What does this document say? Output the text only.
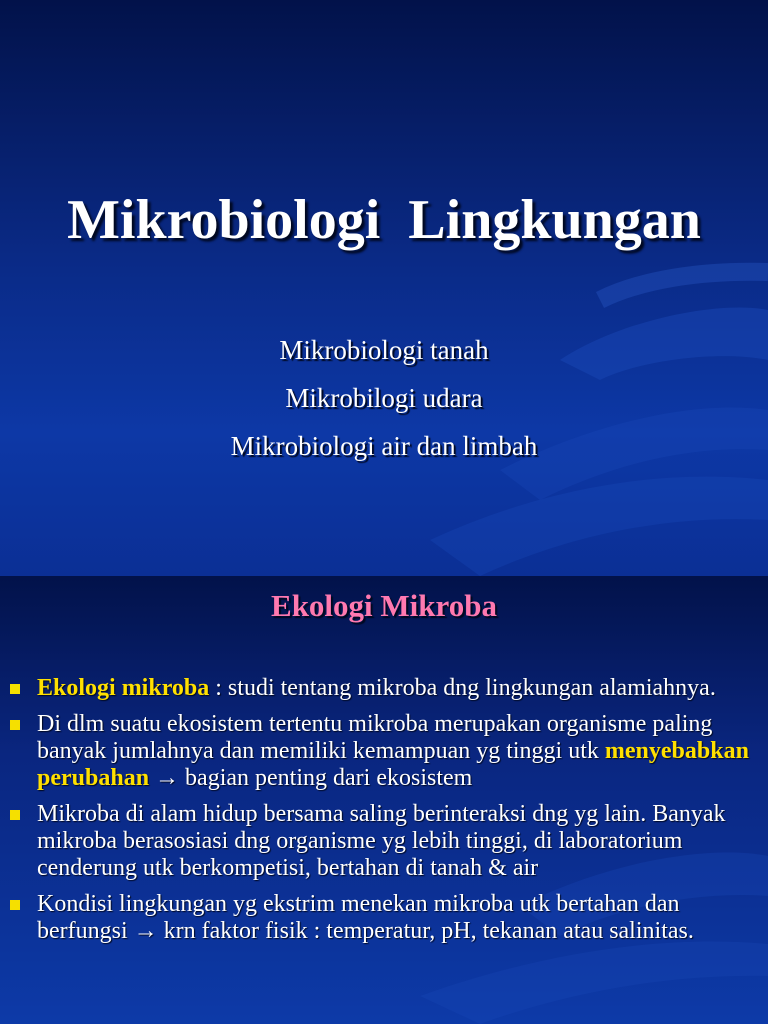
Mikrobiologi  Lingkungan
Mikrobiologi tanah
Mikrobilogi udara
Mikrobiologi air dan limbah
Ekologi Mikroba
Ekologi mikroba : studi tentang mikroba dng lingkungan alamiahnya.
Di dlm suatu ekosistem tertentu mikroba merupakan organisme paling banyak jumlahnya dan memiliki kemampuan yg tinggi utk menyebabkan perubahan → bagian penting dari ekosistem
Mikroba di alam hidup bersama saling berinteraksi dng yg lain. Banyak mikroba berasosiasi dng organisme yg lebih tinggi, di laboratorium cenderung utk berkompetisi, bertahan di tanah & air
Kondisi lingkungan yg ekstrim menekan mikroba utk bertahan dan berfungsi → krn faktor fisik : temperatur, pH, tekanan atau salinitas.
